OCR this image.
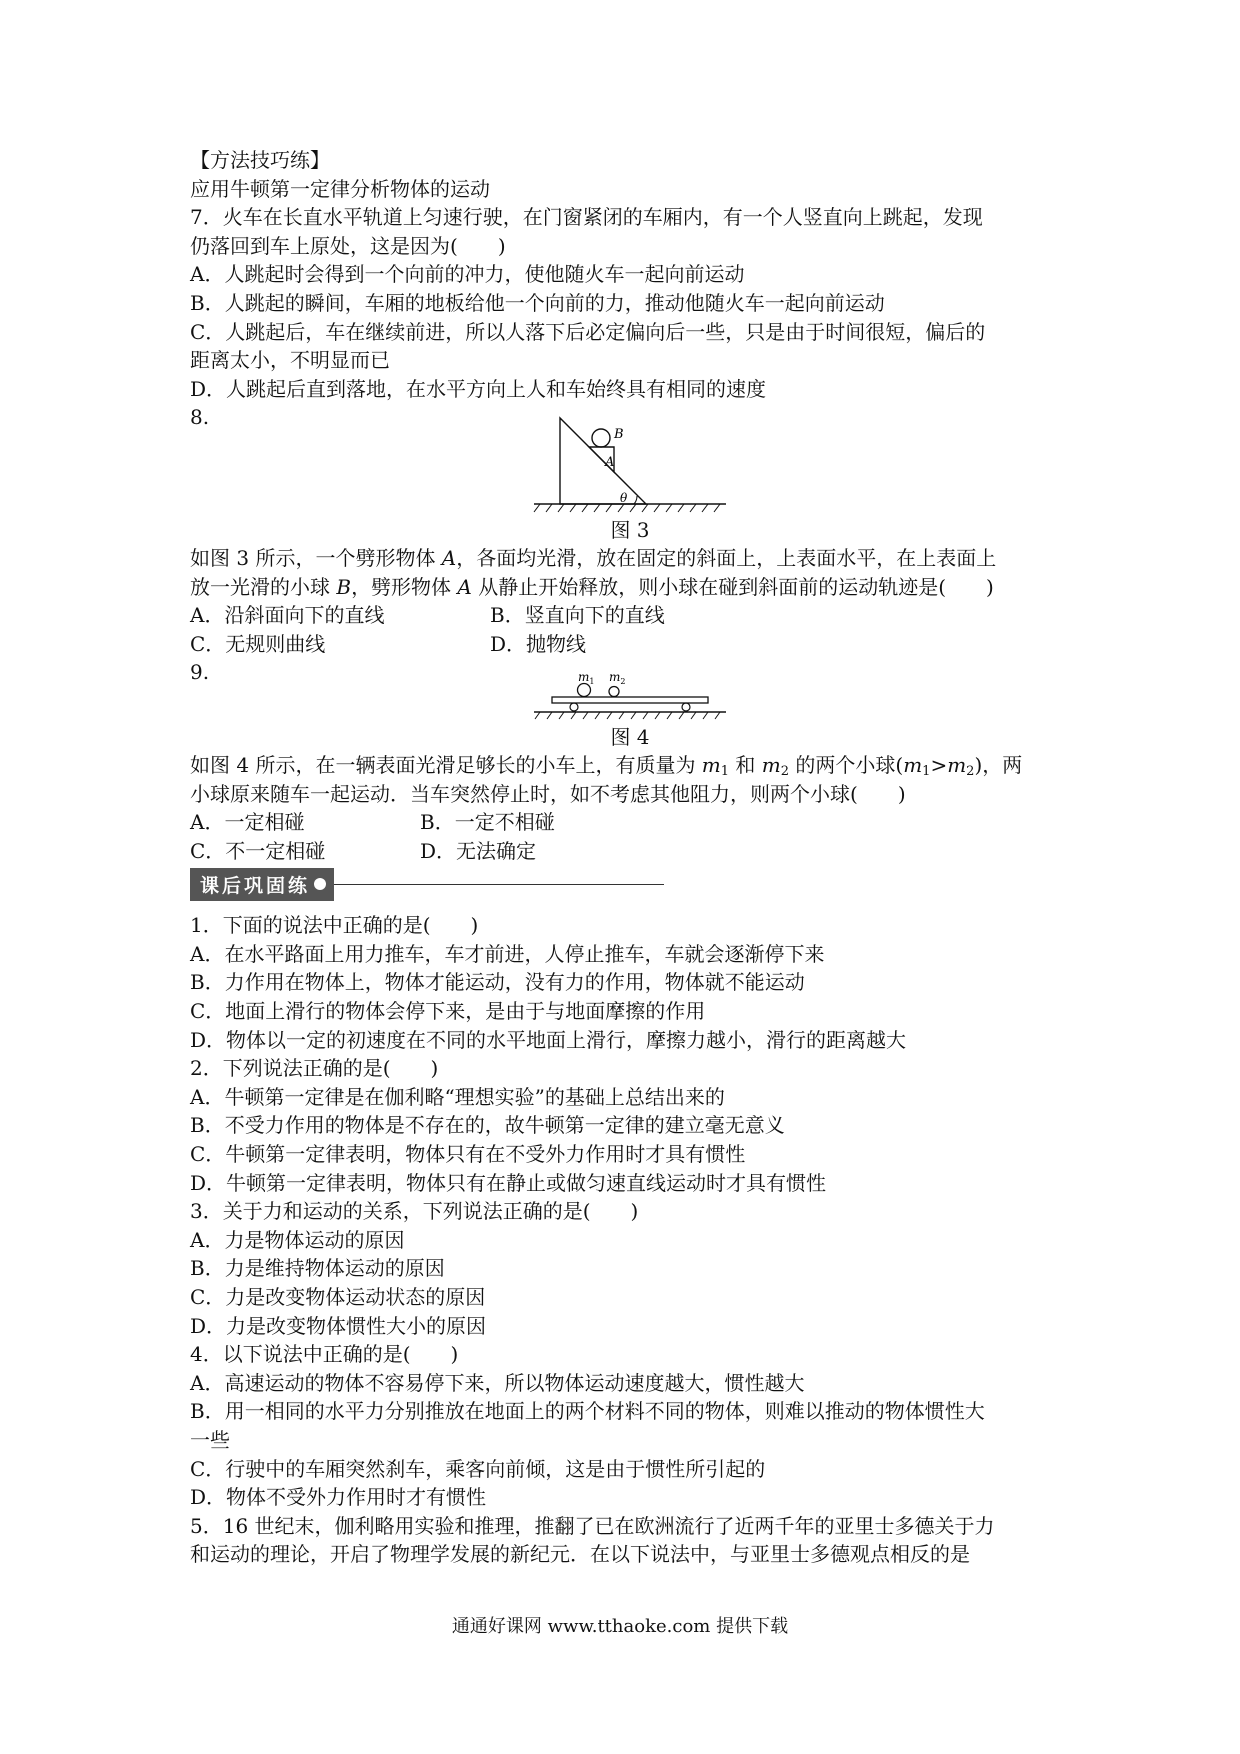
【方法技巧练】
应用牛顿第一定律分析物体的运动
7．火车在长直水平轨道上匀速行驶，在门窗紧闭的车厢内，有一个人竖直向上跳起，发现
仍落回到车上原处，这是因为( )
A．人跳起时会得到一个向前的冲力，使他随火车一起向前运动
B．人跳起的瞬间，车厢的地板给他一个向前的力，推动他随火车一起向前运动
C．人跳起后，车在继续前进，所以人落下后必定偏向后一些，只是由于时间很短，偏后的
距离太小，不明显而已
D．人跳起后直到落地，在水平方向上人和车始终具有相同的速度
8.
B
A
θ
图 3
如图 3 所示，一个劈形物体 A，各面均光滑，放在固定的斜面上，上表面水平，在上表面上
放一光滑的小球 B，劈形物体 A 从静止开始释放，则小球在碰到斜面前的运动轨迹是( )
A．沿斜面向下的直线	B．竖直向下的直线
C．无规则曲线	D．抛物线
9.	$m_1$ $m_2$
图 4
如图 4 所示，在一辆表面光滑足够长的小车上，有质量为 $m_1$ 和 $m_2$ 的两个小球$(m_1>m_2)$，两
小球原来随车一起运动．当车突然停止时，如不考虑其他阻力，则两个小球( )
A．一定相碰	B．一定不相碰
C．不一定相碰	D．无法确定
课后巩固练
1．下面的说法中正确的是( )
A．在水平路面上用力推车，车才前进，人停止推车，车就会逐渐停下来
B．力作用在物体上，物体才能运动，没有力的作用，物体就不能运动
C．地面上滑行的物体会停下来，是由于与地面摩擦的作用
D．物体以一定的初速度在不同的水平地面上滑行，摩擦力越小，滑行的距离越大
2．下列说法正确的是( )
A．牛顿第一定律是在伽利略“理想实验”的基础上总结出来的
B．不受力作用的物体是不存在的，故牛顿第一定律的建立毫无意义
C．牛顿第一定律表明，物体只有在不受外力作用时才具有惯性
D．牛顿第一定律表明，物体只有在静止或做匀速直线运动时才具有惯性
3．关于力和运动的关系，下列说法正确的是( )
A．力是物体运动的原因
B．力是维持物体运动的原因
C．力是改变物体运动状态的原因
D．力是改变物体惯性大小的原因
4．以下说法中正确的是( )
A．高速运动的物体不容易停下来，所以物体运动速度越大，惯性越大
B．用一相同的水平力分别推放在地面上的两个材料不同的物体，则难以推动的物体惯性大
一些
C．行驶中的车厢突然刹车，乘客向前倾，这是由于惯性所引起的
D．物体不受外力作用时才有惯性
5．16 世纪末，伽利略用实验和推理，推翻了已在欧洲流行了近两千年的亚里士多德关于力
和运动的理论，开启了物理学发展的新纪元．在以下说法中，与亚里士多德观点相反的是
通通好课网 www.tthaoke.com 提供下载
